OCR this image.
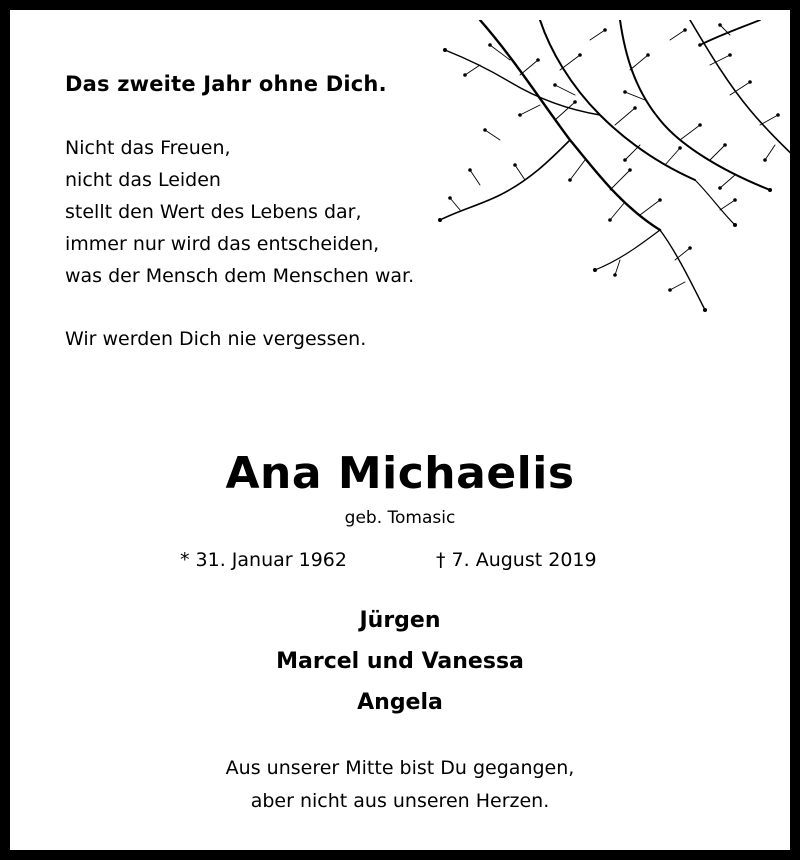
Das zweite Jahr ohne Dich.
Nicht das Freuen,
nicht das Leiden
stellt den Wert des Lebens dar,
immer nur wird das entscheiden,
was der Mensch dem Menschen war.
Wir werden Dich nie vergessen.
Ana Michaelis
geb. Tomasic
* 31. Januar 1962	† 7. August 2019
Jürgen
Marcel und Vanessa
Angela
Aus unserer Mitte bist Du gegangen,
aber nicht aus unseren Herzen.
